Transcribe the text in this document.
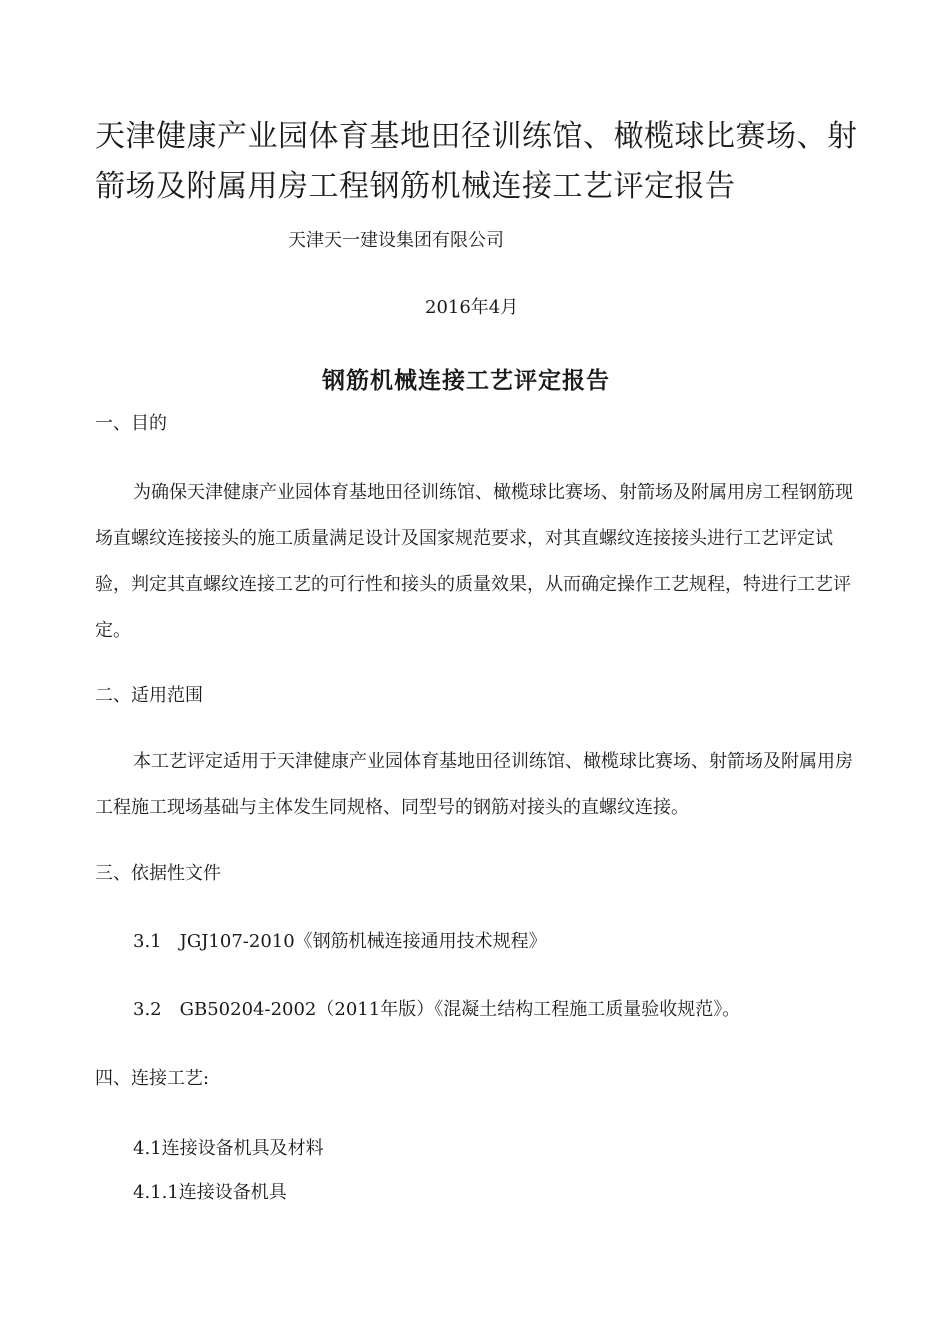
天津健康产业园体育基地田径训练馆、橄榄球比赛场、射箭场及附属用房工程钢筋机械连接工艺评定报告

天津天一建设集团有限公司

2016年4月

钢筋机械连接工艺评定报告

一、目的

为确保天津健康产业园体育基地田径训练馆、橄榄球比赛场、射箭场及附属用房工程钢筋现场直螺纹连接接头的施工质量满足设计及国家规范要求，对其直螺纹连接接头进行工艺评定试验，判定其直螺纹连接工艺的可行性和接头的质量效果，从而确定操作工艺规程，特进行工艺评定。

二、适用范围

本工艺评定适用于天津健康产业园体育基地田径训练馆、橄榄球比赛场、射箭场及附属用房工程施工现场基础与主体发生同规格、同型号的钢筋对接头的直螺纹连接。

三、依据性文件

3.1　JGJ107-2010《钢筋机械连接通用技术规程》

3.2　GB50204-2002（2011年版）《混凝土结构工程施工质量验收规范》。

四、连接工艺:

4.1连接设备机具及材料

4.1.1连接设备机具
